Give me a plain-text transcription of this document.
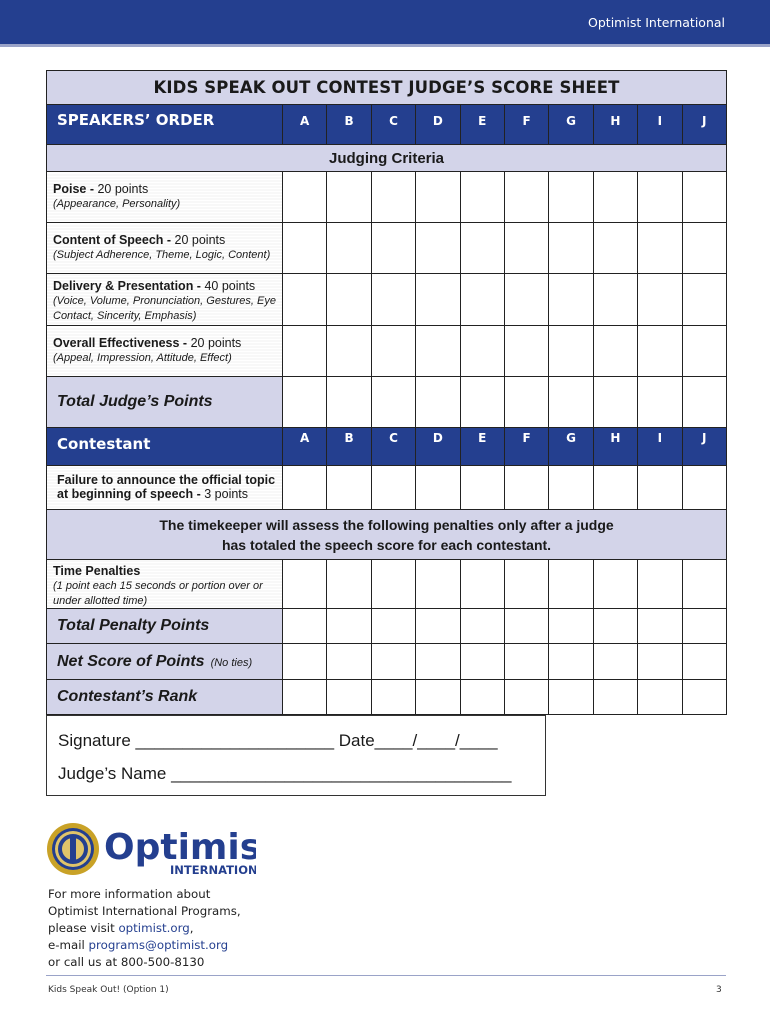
Optimist International
KIDS SPEAK OUT CONTEST JUDGE’S SCORE SHEET										
SPEAKERS’ ORDER	A	B	C	D	E	F	G	H	I	J
Judging Criteria										
Poise - 20 points
(Appearance, Personality)										
Content of Speech - 20 points
(Subject Adherence, Theme, Logic, Content)										
Delivery & Presentation - 40 points
(Voice, Volume, Pronunciation, Gestures, Eye Contact, Sincerity, Emphasis)										
Overall Effectiveness - 20 points
(Appeal, Impression, Attitude, Effect)										
Total Judge’s Points										
Contestant	A	B	C	D	E	F	G	H	I	J
Failure to announce the official topic at beginning of speech - 3 points										

The timekeeper will assess the following penalties only after a judge
has totaled the speech score for each contestant.										

Time Penalties
(1 point each 15 seconds or portion over or under allotted time)										
Total Penalty Points										
Net Score of Points (No ties)										
Contestant’s Rank										
Signature _____________________ Date____/____/____
Judge’s Name ____________________________________
Optimis
INTERNATION
For more information about
Optimist International Programs,
please visit optimist.org,
e-mail programs@optimist.org
or call us at 800-500-8130
Kids Speak Out! (Option 1)	3
